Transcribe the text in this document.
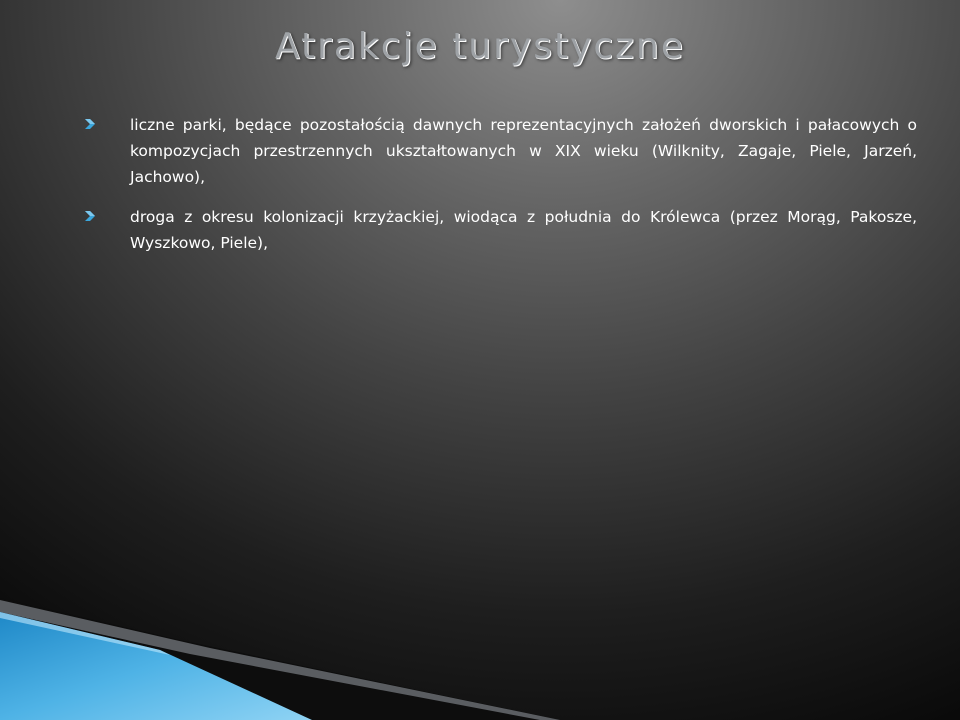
Atrakcje turystyczne
liczne parki, będące pozostałością dawnych reprezentacyjnych założeń dworskich i pałacowych o kompozycjach przestrzennych ukształtowanych w XIX wieku (Wilknity, Zagaje, Piele, Jarzeń, Jachowo),
droga z okresu kolonizacji krzyżackiej, wiodąca z południa do Królewca (przez Morąg, Pakosze, Wyszkowo, Piele),
